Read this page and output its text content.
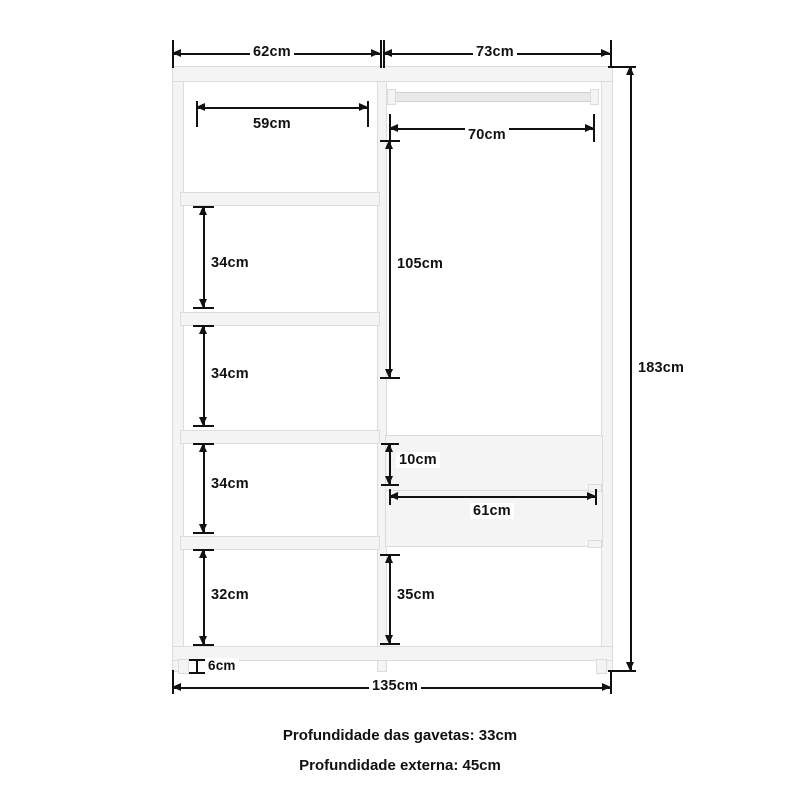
62cm	73cm
59cm
70cm
183cm
135cm
34cm
34cm
34cm
32cm
6cm
105cm
10cm
61cm
35cm
Profundidade das gavetas: 33cm
Profundidade externa: 45cm
